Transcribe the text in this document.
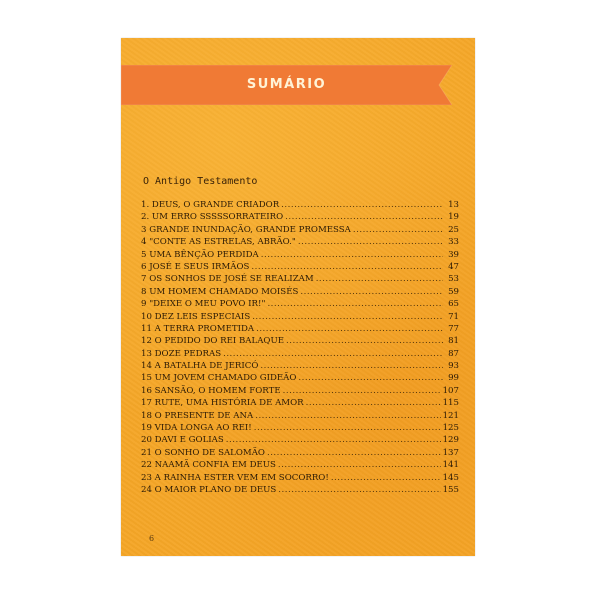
SUMÁRIO
O Antigo Testamento
1. DEUS, O GRANDE CRIADOR .....	13
2. UM ERRO SSSSSORRATEIRO .....	19
3 GRANDE INUNDAÇÃO, GRANDE PROMESSA .....	25
4 "CONTE AS ESTRELAS, ABRÃO." .....	33
5 UMA BÊNÇÃO PERDIDA .....	39
6 JOSÉ E SEUS IRMÃOS .....	47
7 OS SONHOS DE JOSÉ SE REALIZAM .....	53
8 UM HOMEM CHAMADO MOISÉS .....	59
9 "DEIXE O MEU POVO IR!" .....	65
10 DEZ LEIS ESPECIAIS .....	71
11 A TERRA PROMETIDA .....	77
12 O PEDIDO DO REI BALAQUE .....	81
13 DOZE PEDRAS .....	87
14 A BATALHA DE JERICÓ .....	93
15 UM JOVEM CHAMADO GIDEÃO .....	99
16 SANSÃO, O HOMEM FORTE .....	107
17 RUTE, UMA HISTÓRIA DE AMOR .....	115
18 O PRESENTE DE ANA .....	121
19 VIDA LONGA AO REI! .....	125
20 DAVI E GOLIAS .....	129
21 O SONHO DE SALOMÃO .....	137
22 NAAMÃ CONFIA EM DEUS .....	141
23 A RAINHA ESTER VEM EM SOCORRO! .....	145
24 O MAIOR PLANO DE DEUS .....	155
6
